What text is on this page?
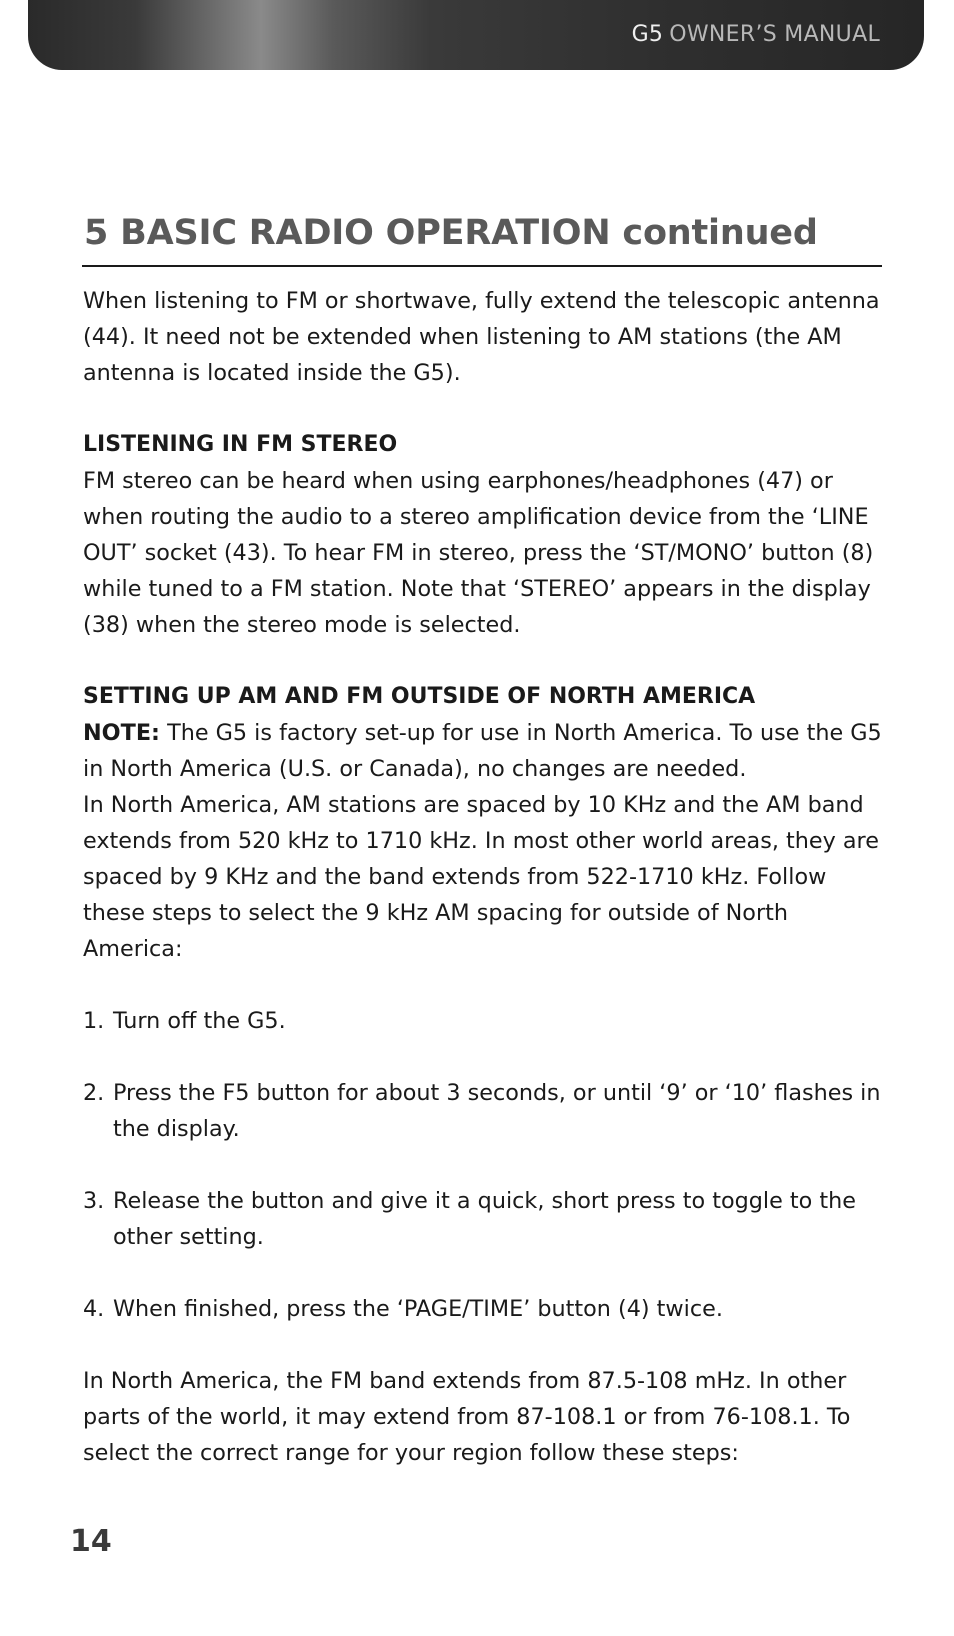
G5 OWNER’S MANUAL
5 BASIC RADIO OPERATION continued

When listening to FM or shortwave, fully extend the telescopic antenna (44). It need not be extended when listening to AM stations (the AM antenna is located inside the G5).

LISTENING IN FM STEREO

FM stereo can be heard when using earphones/headphones (47) or when routing the audio to a stereo amplification device from the ‘LINE OUT’ socket (43). To hear FM in stereo, press the ‘ST/MONO’ button (8) while tuned to a FM station. Note that ‘STEREO’ appears in the display (38) when the stereo mode is selected.

SETTING UP AM AND FM OUTSIDE OF NORTH AMERICA

NOTE: The G5 is factory set-up for use in North America. To use the G5 in North America (U.S. or Canada), no changes are needed.

In North America, AM stations are spaced by 10 KHz and the AM band extends from 520 kHz to 1710 kHz. In most other world areas, they are spaced by 9 KHz and the band extends from 522-1710 kHz. Follow these steps to select the 9 kHz AM spacing for outside of North America:

1. Turn off the G5.
2. Press the F5 button for about 3 seconds, or until ‘9’ or ‘10’ flashes in the display.
3. Release the button and give it a quick, short press to toggle to the other setting.
4. When finished, press the ‘PAGE/TIME’ button (4) twice.

In North America, the FM band extends from 87.5-108 mHz. In other parts of the world, it may extend from 87-108.1 or from 76-108.1. To select the correct range for your region follow these steps:

14
